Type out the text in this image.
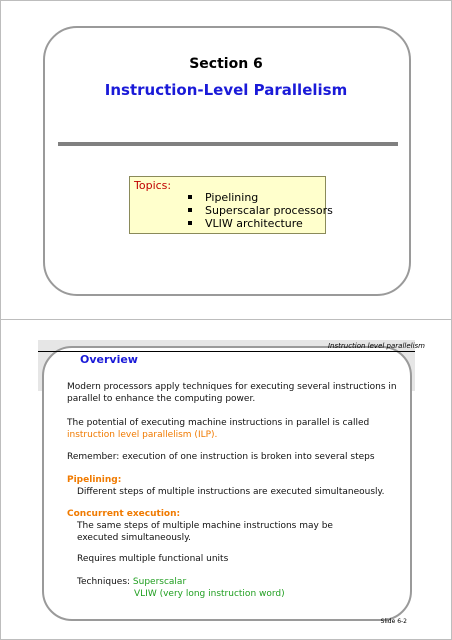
Section 6
Instruction-Level Parallelism
Topics:
Pipelining
Superscalar processors
VLIW architecture
Instruction level parallelism
Overview
Modern processors apply techniques for executing several instructions in parallel to enhance the computing power.
The potential of executing machine instructions in parallel is called instruction level parallelism (ILP).
Remember: execution of one instruction is broken into several steps
Pipelining:
Different steps of multiple instructions are executed simultaneously.
Concurrent execution:
The same steps of multiple machine instructions may be executed simultaneously.
Requires multiple functional units
Techniques: Superscalar
VLIW (very long instruction word)
Slide 6-2
